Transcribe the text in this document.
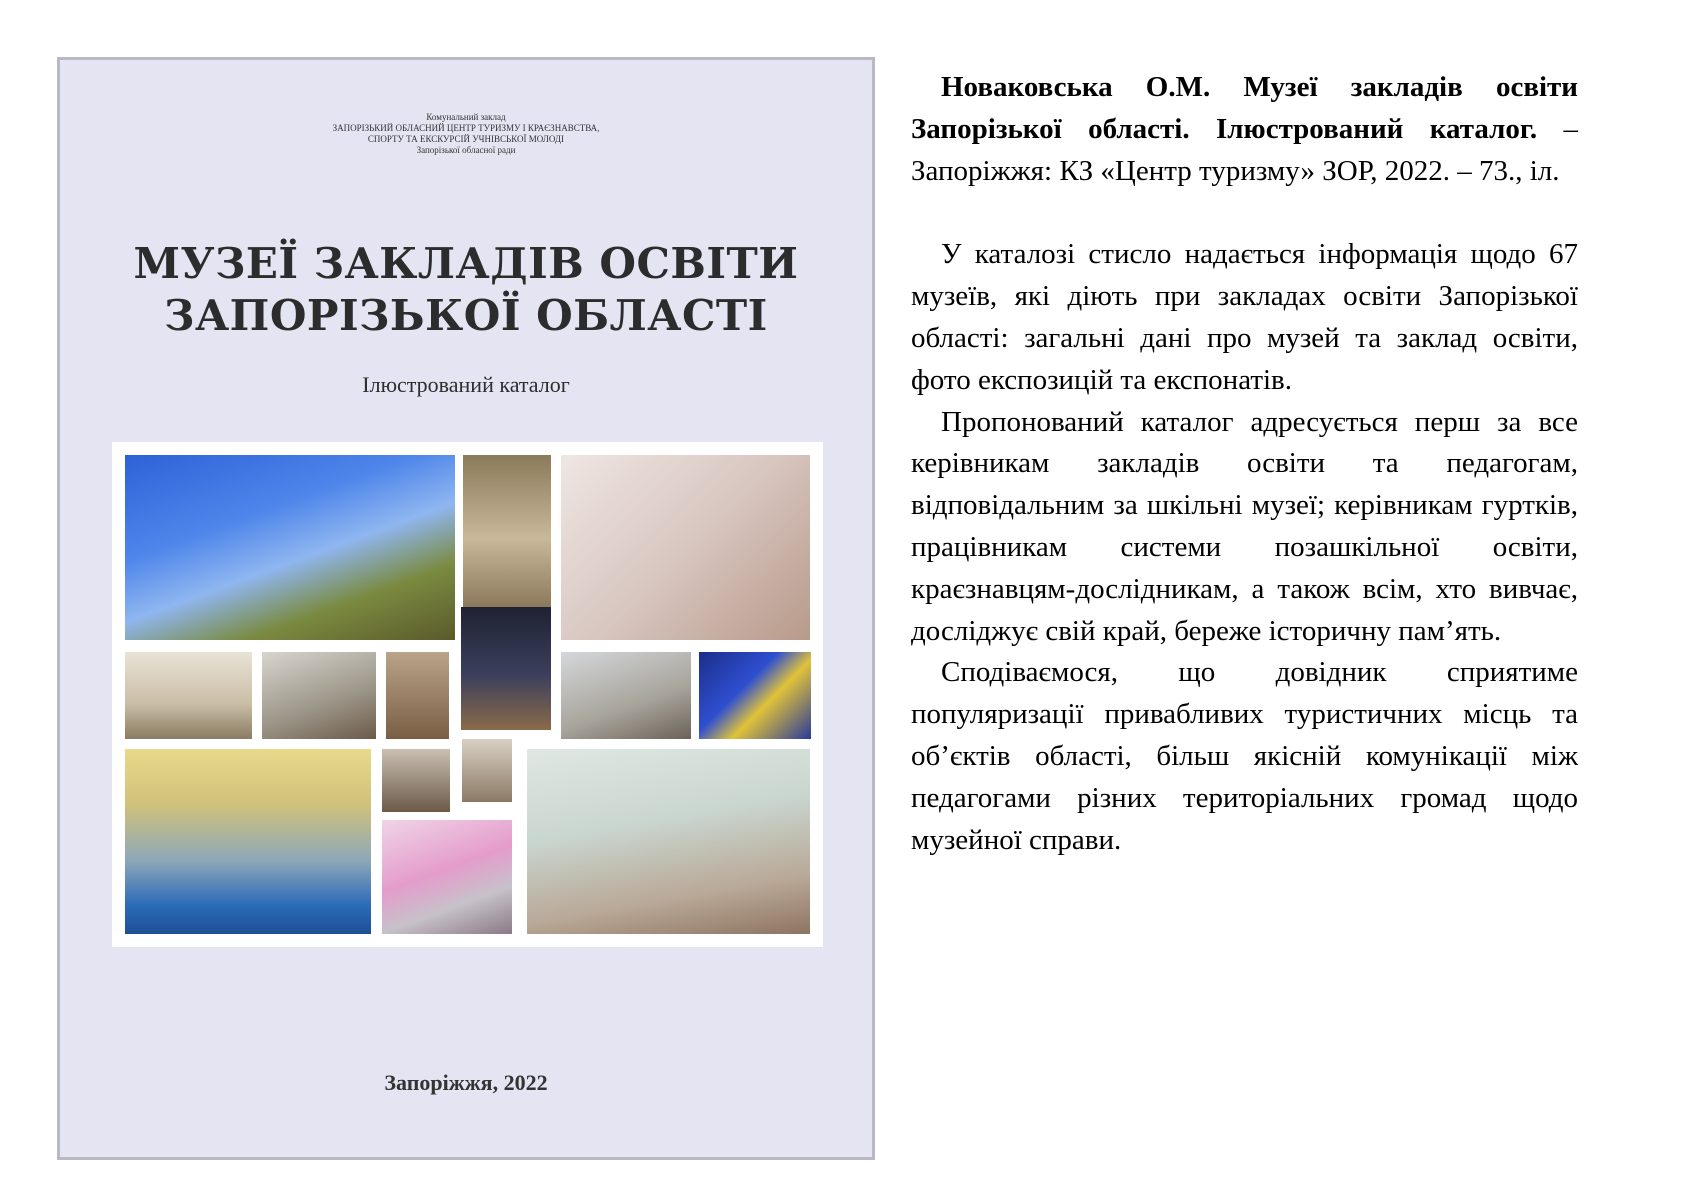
Комунальний заклад
ЗАПОРІЗЬКИЙ ОБЛАСНИЙ ЦЕНТР ТУРИЗМУ І КРАЄЗНАВСТВА,
СПОРТУ ТА ЕКСКУРСІЙ УЧНІВСЬКОЇ МОЛОДІ
Запорізької обласної ради
МУЗЕЇ ЗАКЛАДІВ ОСВІТИ
ЗАПОРІЗЬКОЇ ОБЛАСТІ
Ілюстрований каталог
Запоріжжя, 2022

Новаковська О.М. Музеї закладів освіти Запорізької області. Ілюстрований каталог. – Запоріжжя: КЗ «Центр туризму» ЗОР, 2022. – 73., іл.

У каталозі стисло надається інформація щодо 67 музеїв, які діють при закладах освіти Запорізької області: загальні дані про музей та заклад освіти, фото експозицій та експонатів.

Пропонований каталог адресується перш за все керівникам закладів освіти та педагогам, відповідальним за шкільні музеї; керівникам гуртків, працівникам системи позашкільної освіти, краєзнавцям-дослідникам, а також всім, хто вивчає, досліджує свій край, береже історичну пам’ять.

Сподіваємося, що довідник сприятиме популяризації привабливих туристичних місць та об’єктів області, більш якісній комунікації між педагогами різних територіальних громад щодо музейної справи.
